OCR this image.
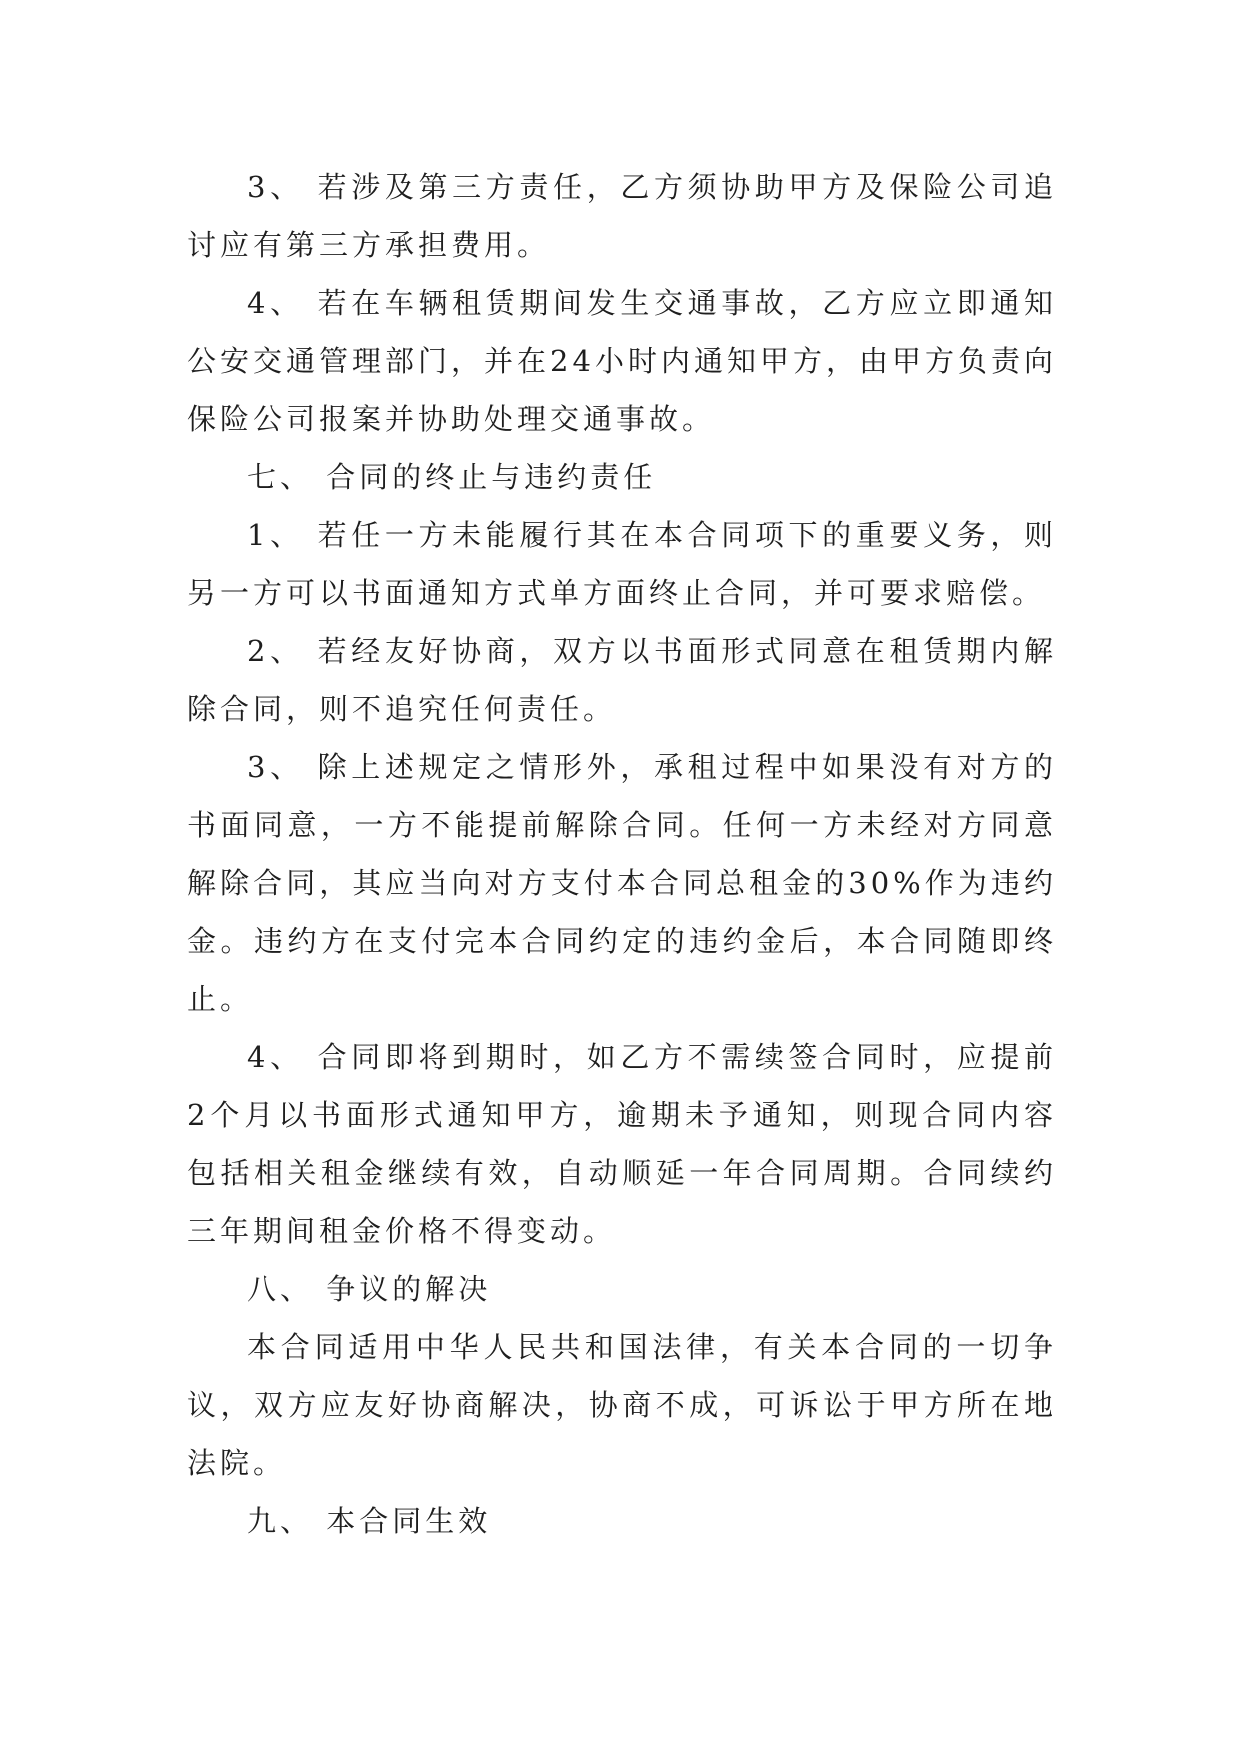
3、 若涉及第三方责任，乙方须协助甲方及保险公司追讨应有第三方承担费用。

4、 若在车辆租赁期间发生交通事故，乙方应立即通知公安交通管理部门，并在24小时内通知甲方，由甲方负责向保险公司报案并协助处理交通事故。

七、 合同的终止与违约责任

1、 若任一方未能履行其在本合同项下的重要义务，则另一方可以书面通知方式单方面终止合同，并可要求赔偿。

2、 若经友好协商，双方以书面形式同意在租赁期内解除合同，则不追究任何责任。

3、 除上述规定之情形外，承租过程中如果没有对方的书面同意，一方不能提前解除合同。任何一方未经对方同意解除合同，其应当向对方支付本合同总租金的30%作为违约金。违约方在支付完本合同约定的违约金后，本合同随即终止。

4、 合同即将到期时，如乙方不需续签合同时，应提前2个月以书面形式通知甲方，逾期未予通知，则现合同内容包括相关租金继续有效，自动顺延一年合同周期。合同续约三年期间租金价格不得变动。

八、 争议的解决

本合同适用中华人民共和国法律，有关本合同的一切争议，双方应友好协商解决，协商不成，可诉讼于甲方所在地法院。

九、 本合同生效
